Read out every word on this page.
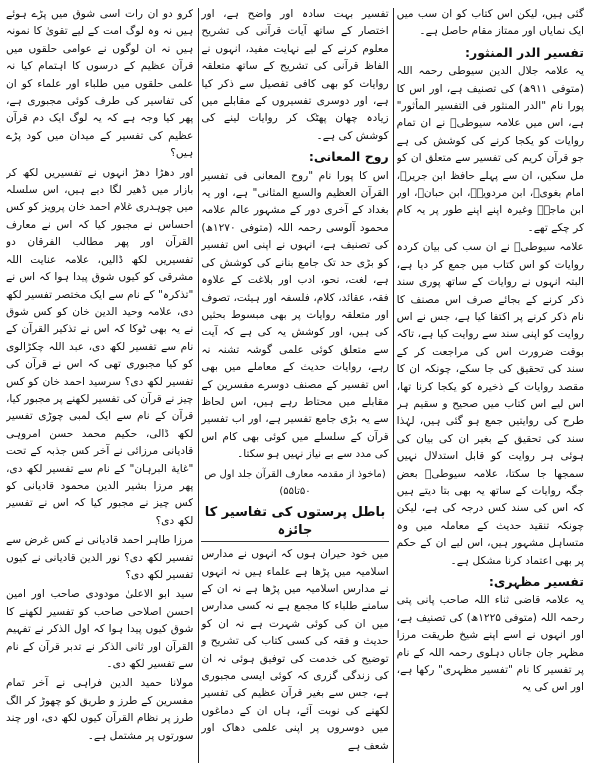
گئی ہیں، لیکن اس کتاب کو ان سب میں ایک نمایاں اور ممتاز مقام حاصل ہے۔

تفسیر الدر المنثور:

یہ علامہ جلال الدین سیوطی رحمہ اللہ (متوفی ۹۱۱ھ) کی تصنیف ہے، اور اس کا پورا نام "الدر المنثور فی التفسیر المأثور" ہے، اس میں علامہ سیوطیؒ نے ان تمام روایات کو یکجا کرنے کی کوشش کی ہے جو قرآن کریم کی تفسیر سے متعلق ان کو مل سکیں، ان سے پہلے حافظ ابن جریرؒ، امام بغویؒ، ابن مردویہؒ، ابن حبانؒ، اور ابن ماجہؒ وغیرہ اپنے اپنے طور پر یہ کام کر چکے تھے۔

علامہ سیوطیؒ نے ان سب کی بیان کردہ روایات کو اس کتاب میں جمع کر دیا ہے، البتہ انہوں نے روایات کے ساتھ پوری سند ذکر کرنے کے بجائے صرف اس مصنف کا نام ذکر کرنے پر اکتفا کیا ہے، جس نے اس روایت کو اپنی سند سے روایت کیا ہے، تاکہ بوقت ضرورت اس کی مراجعت کر کے سند کی تحقیق کی جا سکے، چونکہ ان کا مقصد روایات کے ذخیرہ کو یکجا کرنا تھا، اس لیے اس کتاب میں صحیح و سقیم ہر طرح کی روایتیں جمع ہو گئی ہیں، لہٰذا سند کی تحقیق کے بغیر ان کی بیان کی ہوئی ہر روایت کو قابل استدلال نہیں سمجھا جا سکتا، علامہ سیوطیؒ بعض جگہ روایات کے ساتھ یہ بھی بتا دیتے ہیں کہ اس کی سند کس درجہ کی ہے، لیکن چونکہ تنقید حدیث کے معاملہ میں وہ متساہل مشہور ہیں، اس لیے ان کے حکم پر بھی اعتماد کرنا مشکل ہے۔

تفسیر مظہری:

یہ علامہ قاضی ثناء اللہ صاحب پانی پتی رحمہ اللہ (متوفی ۱۲۲۵ھ) کی تصنیف ہے، اور انہوں نے اسے اپنے شیخ طریقت مرزا مظہر جان جاناں دہلوی رحمہ اللہ کے نام پر تفسیر کا نام "تفسیر مظہری" رکھا ہے، اور اس کی یہ

تفسیر بہت سادہ اور واضح ہے، اور اختصار کے ساتھ آیات قرآنی کی تشریح معلوم کرنے کے لیے نہایت مفید، انہوں نے الفاظ قرآنی کی تشریح کے ساتھ متعلقہ روایات کو بھی کافی تفصیل سے ذکر کیا ہے، اور دوسری تفسیروں کے مقابلے میں زیادہ چھان پھٹک کر روایات لینے کی کوشش کی ہے۔

روح المعانی:

اس کا پورا نام "روح المعانی فی تفسیر القرآن العظیم والسبع المثانی" ہے، اور یہ بغداد کے آخری دور کے مشہور عالم علامہ محمود آلوسی رحمہ اللہ (متوفی ۱۲۷۰ھ) کی تصنیف ہے، انہوں نے اپنی اس تفسیر کو بڑی حد تک جامع بنانے کی کوشش کی ہے، لغت، نحو، ادب اور بلاغت کے علاوہ فقہ، عقائد، کلام، فلسفہ اور ہیئت، تصوف اور متعلقہ روایات پر بھی مبسوط بحثیں کی ہیں، اور کوشش یہ کی ہے کہ آیت سے متعلق کوئی علمی گوشہ تشنہ نہ رہے، روایات حدیث کے معاملے میں بھی اس تفسیر کے مصنف دوسرے مفسرین کے مقابلے میں محتاط رہے ہیں، اس لحاظ سے یہ بڑی جامع تفسیر ہے، اور اب تفسیر قرآن کے سلسلے میں کوئی بھی کام اس کی مدد سے بے نیاز نہیں ہو سکتا۔

(ماخوذ از مقدمہ معارف القرآن جلد اول ص ۵۰تا۵۵)
باطل پرستوں کی تفاسیر کا جائزہ

میں خود حیران ہوں کہ انہوں نے مدارس اسلامیہ میں پڑھا ہے علماء ہیں نہ انہوں نے مدارس اسلامیہ میں پڑھا ہے نہ ان کے سامنے طلباء کا مجمع ہے نہ کسی مدارس میں ان کی کوئی شہرت ہے نہ ان کو حدیث و فقہ کی کسی کتاب کی تشریح و توضیح کی خدمت کی توفیق ہوئی نہ ان کی زندگی گزری کہ کوئی ایسی مجبوری ہے، جس سے بغیر قرآن عظیم کی تفسیر لکھنے کی نوبت آئے، ہاں ان کے دماغوں میں دوسروں پر اپنی علمی دھاک اور شعف ہے

کرو دو ان رات اسی شوق میں پڑے ہوئے ہیں نہ وہ لوگ امت کے لیے تقویٰ کا نمونہ ہیں نہ ان لوگوں نے عوامی حلقوں میں قرآن عظیم کے درسوں کا اہتمام کیا نہ علمی حلقوں میں طلباء اور علماء کو ان کی تفاسیر کی طرف کوئی مجبوری ہے، پھر کیا وجہ ہے کہ یہ لوگ ایک دم قرآن عظیم کی تفسیر کے میدان میں کود پڑے ہیں؟

اور دھڑا دھڑ انہوں نے تفسیریں لکھ کر بازار میں ڈھیر لگا دیے ہیں، اس سلسلہ میں چوہدری غلام احمد خان پرویز کو کس احساس نے مجبور کیا کہ اس نے معارف القرآن اور پھر مطالب الفرقان دو تفسیریں لکھ ڈالیں، علامہ عنایت اللہ مشرقی کو کیوں شوق پیدا ہوا کہ اس نے "تذکرہ" کے نام سے ایک مختصر تفسیر لکھ دی، علامہ وحید الدین خان کو کس شوق نے یہ بھی ٹوکا کہ اس نے تذکیر القرآن کے نام سے تفسیر لکھ دی، عبد اللہ چکڑالوی کو کیا مجبوری تھی کہ اس نے قرآن کی تفسیر لکھ دی؟ سرسید احمد خان کو کس چیز نے قرآن کی تفسیر لکھنے پر مجبور کیا، قرآن کے نام سے ایک لمبی چوڑی تفسیر لکھ ڈالی، حکیم محمد حسن امروہی قادیانی مرزائی نے آخر کس جذبہ کے تحت "غایة البرہان" کے نام سے تفسیر لکھ دی، پھر مرزا بشیر الدین محمود قادیانی کو کس چیز نے مجبور کیا کہ اس نے تفسیر لکھ دی؟

مرزا طاہر احمد قادیانی نے کس غرض سے تفسیر لکھ دی؟ نور الدین قادیانی نے کیوں تفسیر لکھ دی؟

سید ابو الاعلیٰ مودودی صاحب اور امین احسن اصلاحی صاحب کو تفسیر لکھنے کا شوق کیوں پیدا ہوا کہ اول الذکر نے تفہیم القرآن اور ثانی الذکر نے تدبر قرآن کے نام سے تفسیر لکھ دی۔

مولانا حمید الدین فراہی نے آخر تمام مفسرین کے طرز و طریق کو چھوڑ کر الگ طرز پر نظام القرآن کیوں لکھ دی، اور چند سورتوں پر مشتمل ہے۔
